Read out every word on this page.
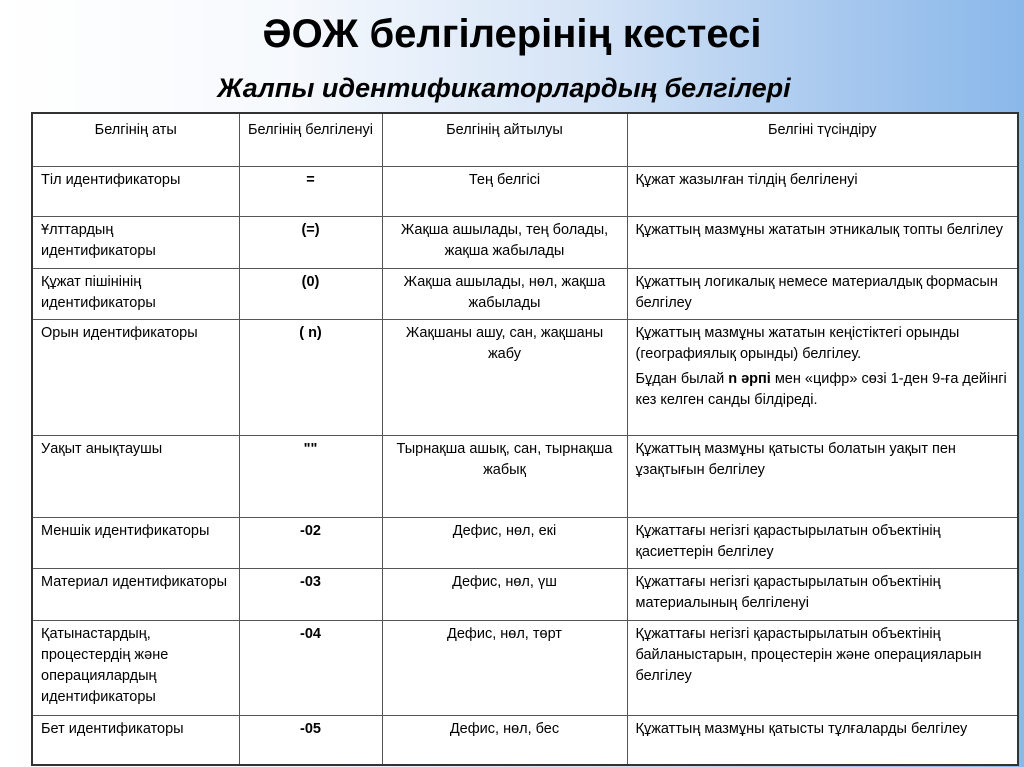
ӘОЖ белгілерінің кестесі
Жалпы идентификаторлардың белгілері
Белгінің аты	Белгінің белгіленуі	Белгінің айтылуы	Белгіні түсіндіру
Тіл идентификаторы	=	Тең белгісі	Құжат жазылған тілдің белгіленуі
Ұлттардың идентификаторы	(=)	Жақша ашылады, тең болады, жақша жабылады	Құжаттың мазмұны жататын этникалық топты белгілеу
Құжат пішінінің идентификаторы	(0)	Жақша ашылады, нөл, жақша жабылады	Құжаттың логикалық немесе материалдық формасын белгілеу
Орын идентификаторы	( n)	Жақшаны ашу, сан, жақшаны жабу	Құжаттың мазмұны жататын кеңістіктегі орынды (географиялық орынды) белгілеу.
Бұдан былай n әрпі мен «цифр» сөзі 1-ден 9-ға дейінгі кез келген санды білдіреді.

Уақыт анықтаушы	""	Тырнақша ашық, сан, тырнақша жабық	Құжаттың мазмұны қатысты болатын уақыт пен ұзақтығын белгілеу
Меншік идентификаторы	-02	Дефис, нөл, екі	Құжаттағы негізгі қарастырылатын объектінің қасиеттерін белгілеу
Материал идентификаторы	-03	Дефис, нөл, үш	Құжаттағы негізгі қарастырылатын объектінің материалының белгіленуі
Қатынастардың, процестердің және операциялардың идентификаторы	-04	Дефис, нөл, төрт	Құжаттағы негізгі қарастырылатын объектінің байланыстарын, процестерін және операцияларын белгілеу
Бет идентификаторы	-05	Дефис, нөл, бес	Құжаттың мазмұны қатысты тұлғаларды белгілеу
